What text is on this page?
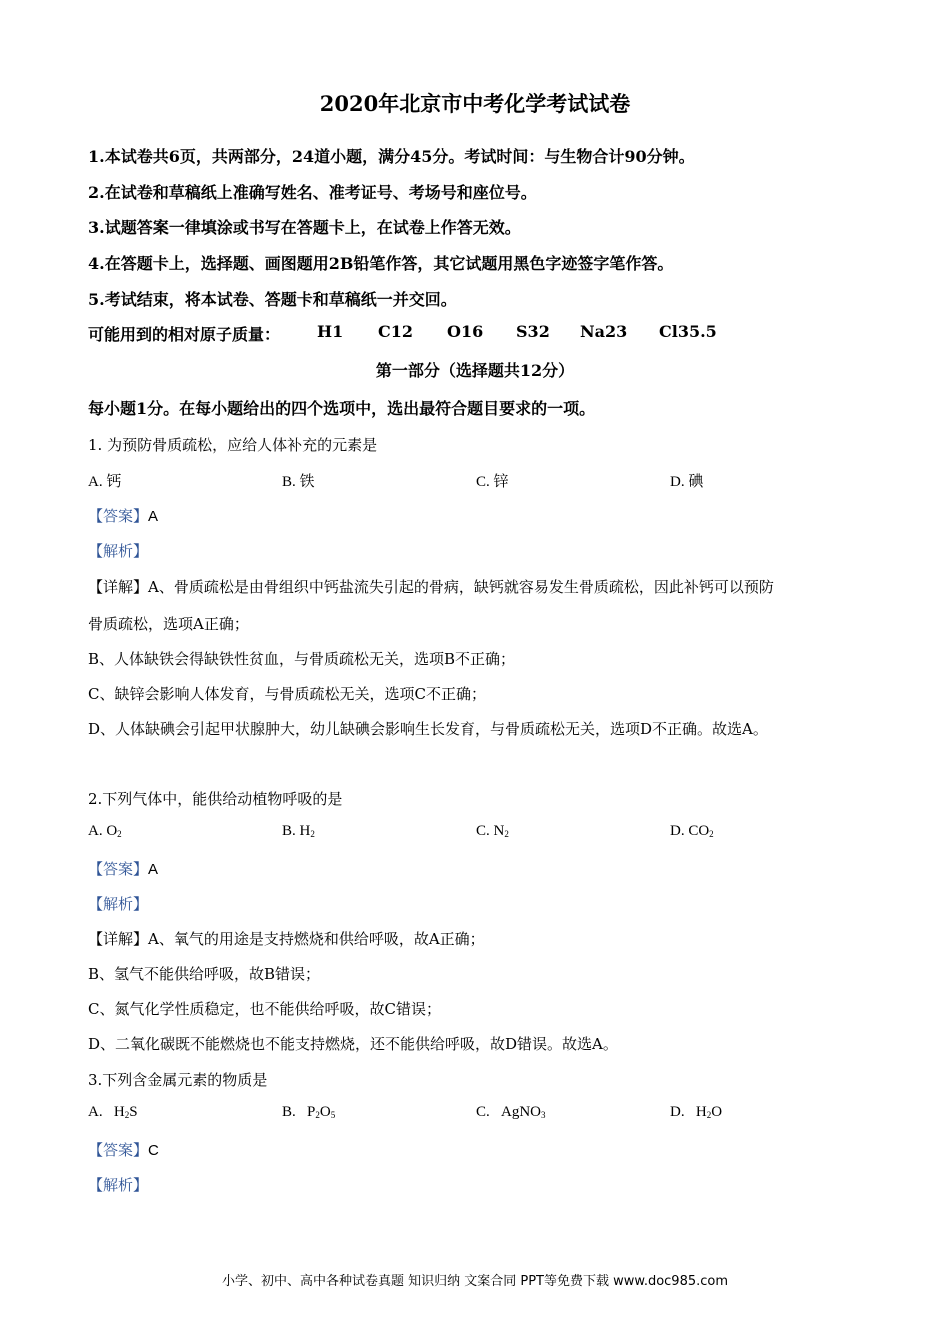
2020年北京市中考化学考试试卷
1.本试卷共6页，共两部分，24道小题，满分45分。考试时间：与生物合计90分钟。
2.在试卷和草稿纸上准确写姓名、准考证号、考场号和座位号。
3.试题答案一律填涂或书写在答题卡上，在试卷上作答无效。
4.在答题卡上，选择题、画图题用2B铅笔作答，其它试题用黑色字迹签字笔作答。
5.考试结束，将本试卷、答题卡和草稿纸一并交回。
可能用到的相对原子质量： H1 C12 O16 S32 Na23 Cl35.5
第一部分（选择题共12分）
每小题1分。在每小题给出的四个选项中，选出最符合题目要求的一项。
1. 为预防骨质疏松，应给人体补充的元素是
A. 钙	B. 铁	C. 锌	D. 碘
【答案】A
【解析】
【详解】A、骨质疏松是由骨组织中钙盐流失引起的骨病，缺钙就容易发生骨质疏松，因此补钙可以预防
骨质疏松，选项A正确；
B、人体缺铁会得缺铁性贫血，与骨质疏松无关，选项B不正确；
C、缺锌会影响人体发育，与骨质疏松无关，选项C不正确；
D、人体缺碘会引起甲状腺肿大，幼儿缺碘会影响生长发育，与骨质疏松无关，选项D不正确。故选A。
2.下列气体中，能供给动植物呼吸的是
A. $O_2$	B. $H_2$	C. $N_2$	D. $CO_2$
【答案】A
【解析】
【详解】A、氧气的用途是支持燃烧和供给呼吸，故A正确；
B、氢气不能供给呼吸，故B错误；
C、氮气化学性质稳定，也不能供给呼吸，故C错误；
D、二氧化碳既不能燃烧也不能支持燃烧，还不能供给呼吸，故D错误。故选A。
3.下列含金属元素的物质是
A. $H_2S$	B. $P_2O_5$	C. AgNO$_3$	D. $H_2O$
【答案】C
【解析】
小学、初中、高中各种试卷真题 知识归纳 文案合同 PPT等免费下载 www.doc985.com
